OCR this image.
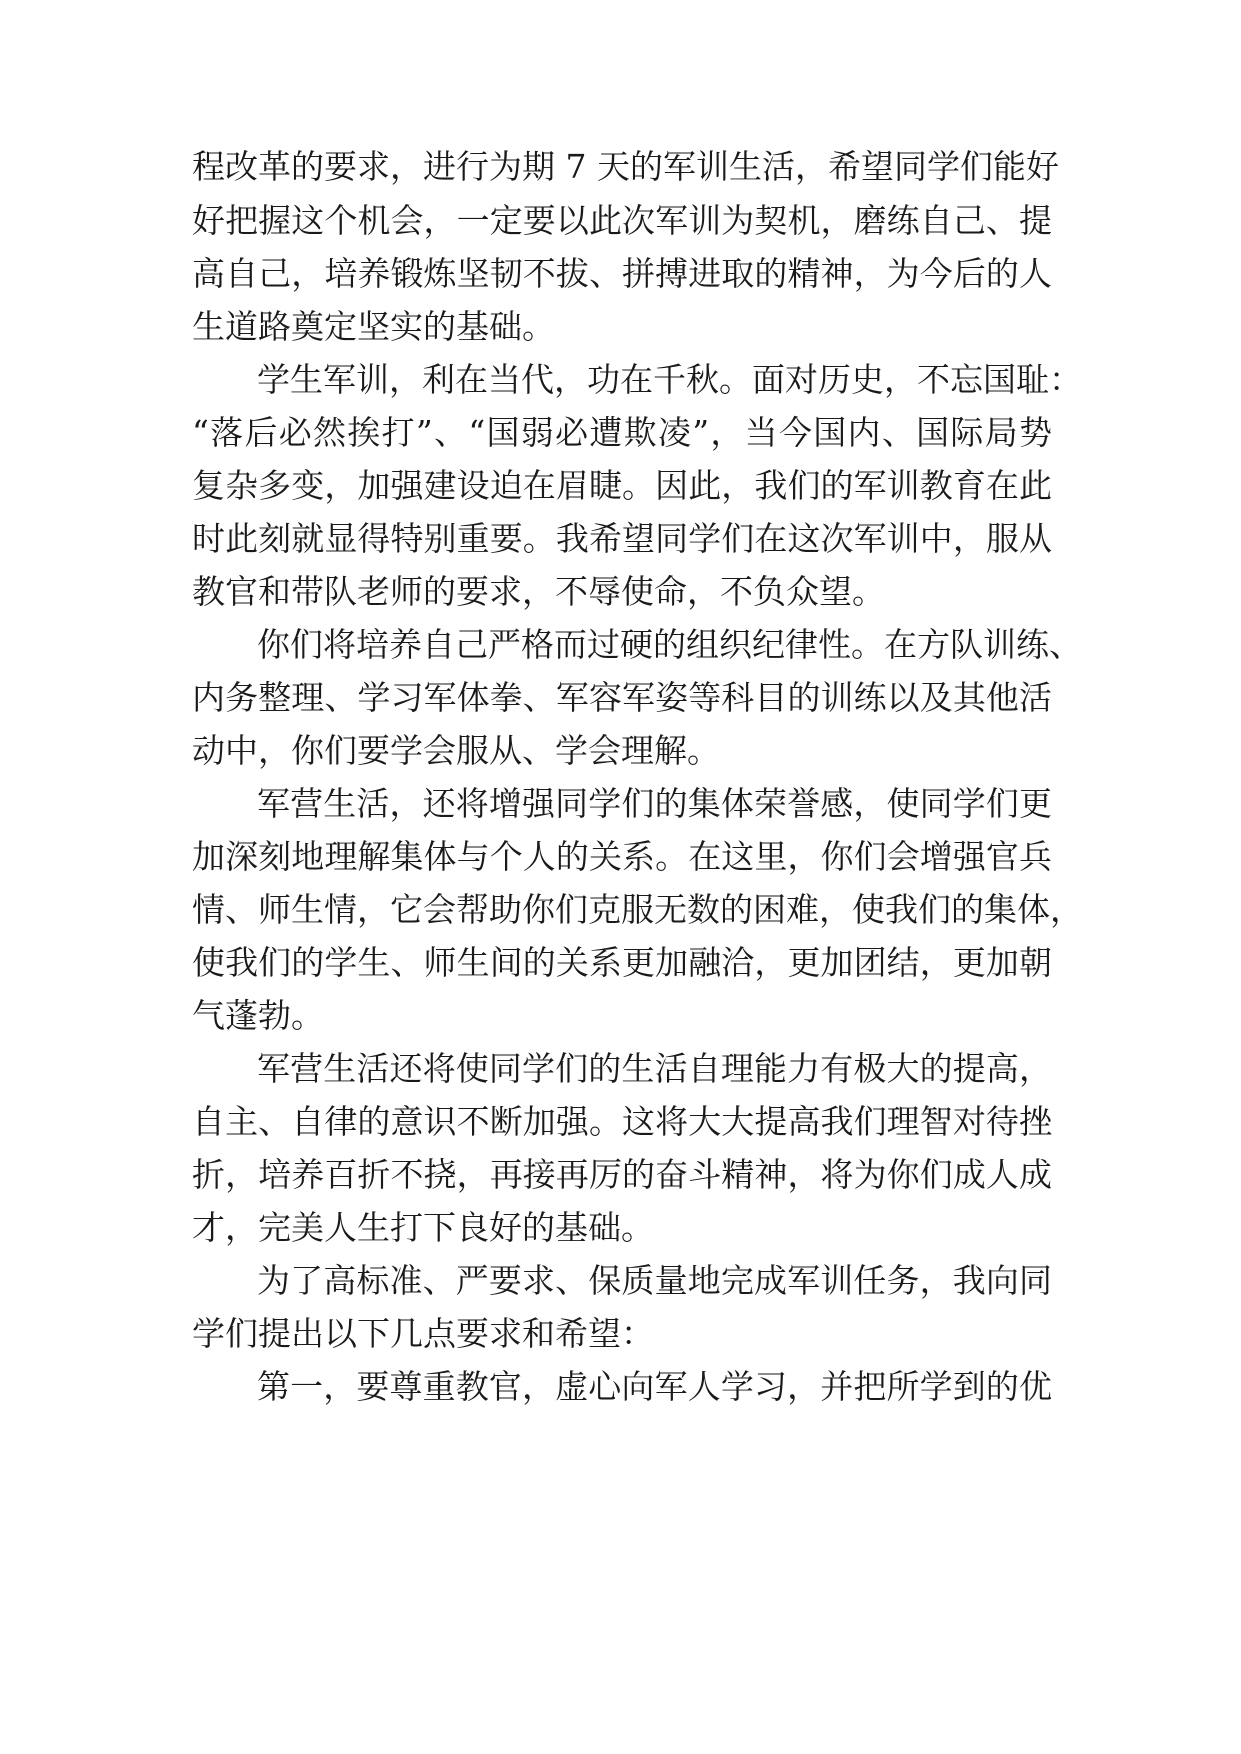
程改革的要求，进行为期 7 天的军训生活，希望同学们能好
好把握这个机会，一定要以此次军训为契机，磨练自己、提
高自己，培养锻炼坚韧不拔、拼搏进取的精神，为今后的人
生道路奠定坚实的基础。
学生军训，利在当代，功在千秋。面对历史，不忘国耻：
“落后必然挨打”、“国弱必遭欺凌”，当今国内、国际局势
复杂多变，加强建设迫在眉睫。因此，我们的军训教育在此
时此刻就显得特别重要。我希望同学们在这次军训中，服从
教官和带队老师的要求，不辱使命，不负众望。
你们将培养自己严格而过硬的组织纪律性。在方队训练、
内务整理、学习军体拳、军容军姿等科目的训练以及其他活
动中，你们要学会服从、学会理解。
军营生活，还将增强同学们的集体荣誉感，使同学们更
加深刻地理解集体与个人的关系。在这里，你们会增强官兵
情、师生情，它会帮助你们克服无数的困难，使我们的集体，
使我们的学生、师生间的关系更加融洽，更加团结，更加朝
气蓬勃。
军营生活还将使同学们的生活自理能力有极大的提高，
自主、自律的意识不断加强。这将大大提高我们理智对待挫
折，培养百折不挠，再接再厉的奋斗精神，将为你们成人成
才，完美人生打下良好的基础。
为了高标准、严要求、保质量地完成军训任务，我向同
学们提出以下几点要求和希望：
第一，要尊重教官，虚心向军人学习，并把所学到的优
